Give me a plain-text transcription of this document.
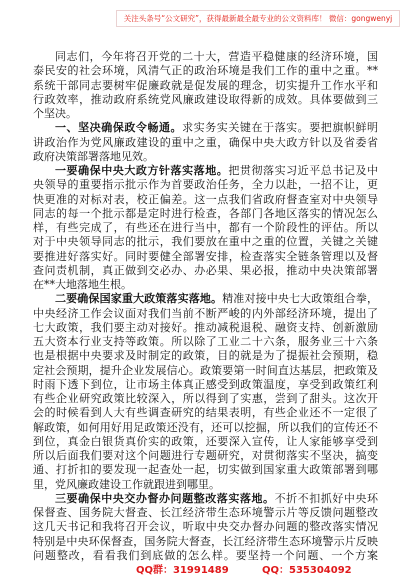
关注头条号“公文研究”，获得最新最全最专业的公文资料库！ 微信：gongwenyj
同志们，今年将召开党的二十大，营造平稳健康的经济环境，国
泰民安的社会环境，风清气正的政治环境是我们工作的重中之重。**
系统干部同志要树牢促廉政就是促发展的理念，切实提升工作水平和
行政效率，推动政府系统党风廉政建设取得新的成效。具体要做到三
个坚决。
一、坚决确保政令畅通。求实务实关键在于落实。要把旗帜鲜明
讲政治作为党风廉政建设的重中之重，确保中央大政方针以及省委省
政府决策部署落地见效。
一要确保中央大政方针落实落地。把贯彻落实习近平总书记及中
央领导的重要指示批示作为首要政治任务，全力以赴，一招不让，更
快更准的对标对表，校正偏差。这一点我们省政府督查室对中央领导
同志的每一个批示都是定时进行检查，各部门各地区落实的情况怎么
样，有些完成了，有些还在进行当中，都有一个阶段性的评估。所以
对于中央领导同志的批示，我们要放在重中之重的位置，关键之关键
要推进好落实好。同时要健全部署安排，检查落实全链条管理以及督
查问责机制，真正做到交必办、办必果、果必报，推动中央决策部署
在**大地落地生根。
二要确保国家重大政策落实落地。精准对接中央七大政策组合拳，
中央经济工作会议面对我们当前不断严峻的内外部经济环境，提出了
七大政策，我们要主动对接好。推动减税退税、融资支持、创新激励
五大资本行业支持等政策。所以除了工业二十六条，服务业三十六条
也是根据中央要求及时制定的政策，目的就是为了提振社会预期，稳
定社会预期，提升企业发展信心。政策要第一时间直达基层，把政策及
时雨下透下到位，让市场主体真正感受到政策温度，享受到政策红利
有些企业研究政策比较深入，所以得到了实惠，尝到了甜头。这次开
会的时候看到人大有些调查研究的结果表明，有些企业还不一定很了
解政策，如何用好用足政策还没有，还可以挖掘，所以我们的宣传还不
到位，真金白银货真价实的政策，还要深入宣传，让人家能够享受到
所以后面我们要对这个问题进行专题研究，对贯彻落实不坚决，搞变
通、打折扣的要发现一起查处一起，切实做到国家重大政策部署到哪
里，党风廉政建设工作就跟进到哪里。
三要确保中央交办督办问题整改落实落地。不折不扣抓好中央环
保督查、国务院大督查、长江经济带生态环境警示片等反馈问题整改
这几天书记和我将召开会议，听取中央交办督办问题的整改落实情况
特别是中央环保督查，国务院大督查，长江经济带生态环境警示片反映
问题整改，看看我们到底做的怎么样。要坚持一个问题、一个方案
QQ群：31991489	QQ：535304092
